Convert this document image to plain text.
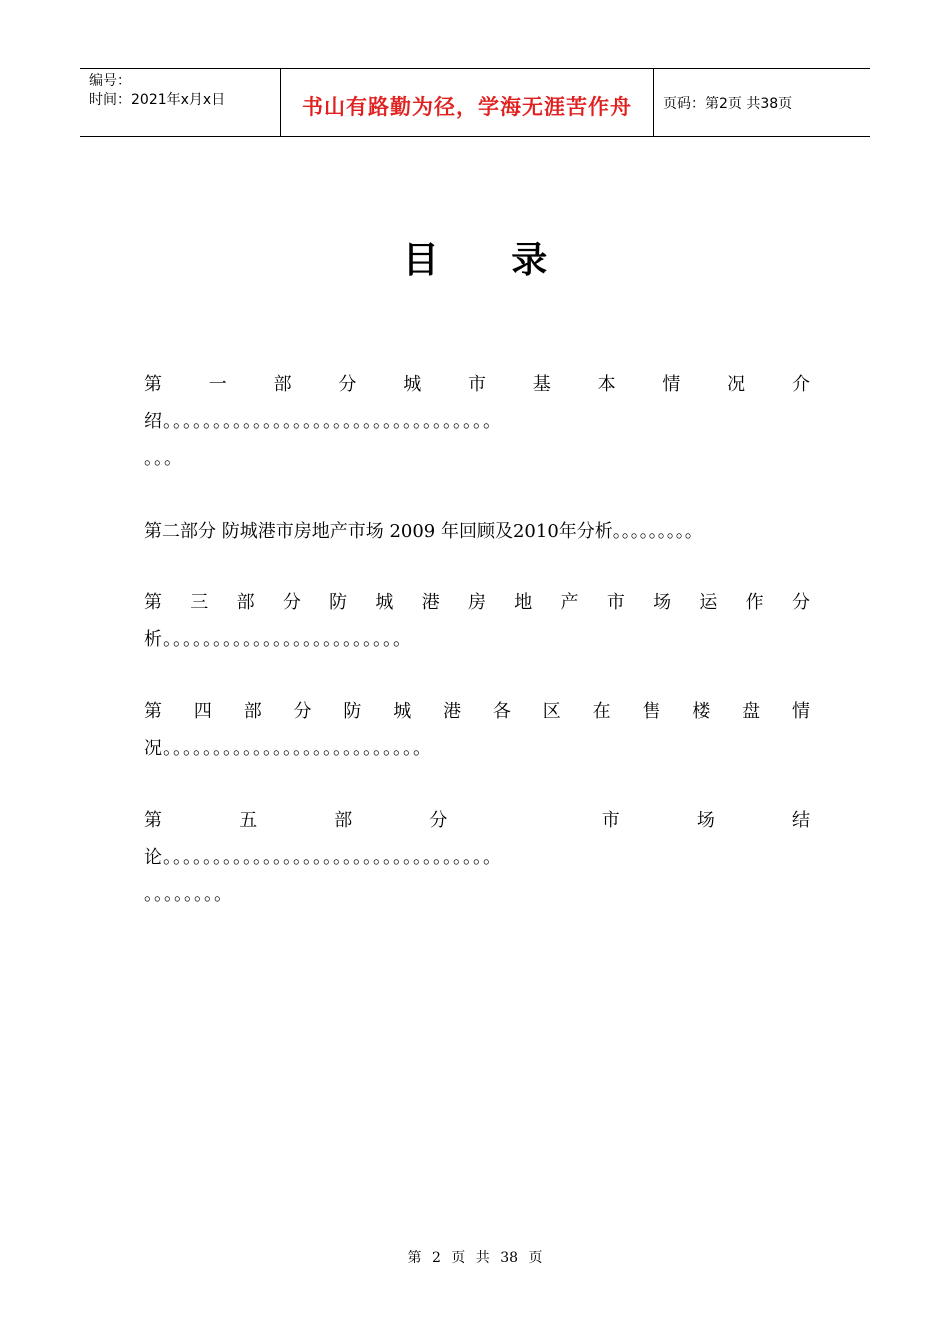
编号：
时间：2021年x月x日	书山有路勤为径，学海无涯苦作舟	页码：第2页 共38页
目 录
第	一	部	分	城	市	基	本	情	况	介
绍。。。。。。。。。。。。。。。。。。。。。。。。。。。。。。。。。
。。。
第二部分 防城港市房地产市场 2009 年回顾及2010年分析。。。。。。。。。
第 三 部 分 防 城 港 房 地 产 市 场 运 作 分
析。。。。。。。。。。。。。。。。。。。。。。。。
第 四 部 分 防 城 港 各 区 在 售 楼 盘 情
况。。。。。。。。。。。。。。。。。。。。。。。。。。
第	五	部	分	市	场	结
论。。。。。。。。。。。。。。。。。。。。。。。。。。。。。。。。。
。。。。。。。。
第 2 页 共 38 页
